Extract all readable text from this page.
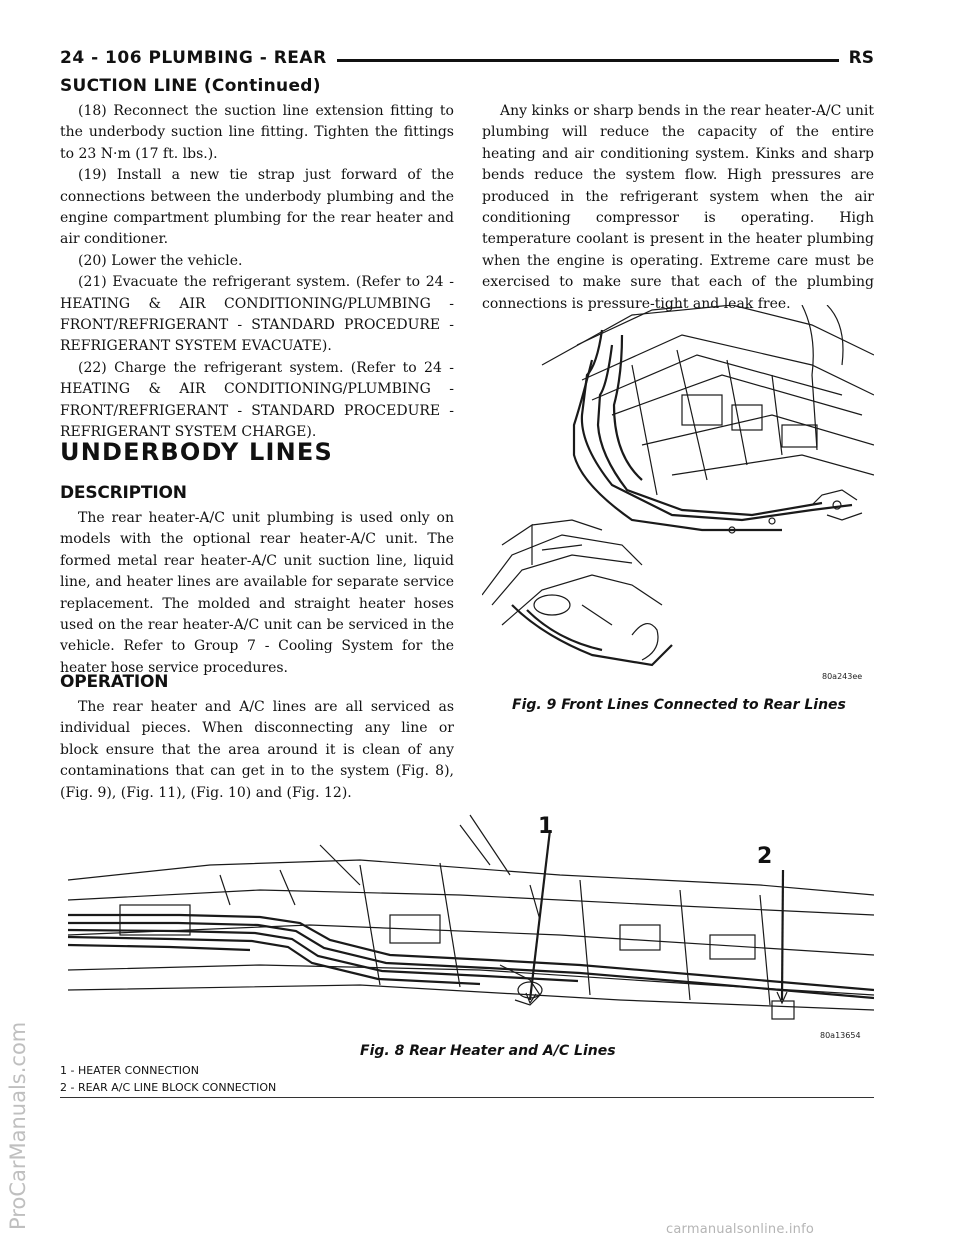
24 - 106 PLUMBING - REAR	RS
SUCTION LINE (Continued)

(18) Reconnect the suction line extension fitting to the underbody suction line fitting. Tighten the fittings to 23 N·m (17 ft. lbs.).

(19) Install a new tie strap just forward of the connections between the underbody plumbing and the engine compartment plumbing for the rear heater and air conditioner.

(20) Lower the vehicle.

(21) Evacuate the refrigerant system. (Refer to 24 - HEATING & AIR CONDITIONING/PLUMBING - FRONT/REFRIGERANT - STANDARD PROCEDURE - REFRIGERANT SYSTEM EVACUATE).

(22) Charge the refrigerant system. (Refer to 24 - HEATING & AIR CONDITIONING/PLUMBING - FRONT/REFRIGERANT - STANDARD PROCEDURE - REFRIGERANT SYSTEM CHARGE).

UNDERBODY LINES
DESCRIPTION

The rear heater-A/C unit plumbing is used only on models with the optional rear heater-A/C unit. The formed metal rear heater-A/C unit suction line, liquid line, and heater lines are available for separate service replacement. The molded and straight heater hoses used on the rear heater-A/C unit can be serviced in the vehicle. Refer to Group 7 - Cooling System for the heater hose service procedures.

OPERATION

The rear heater and A/C lines are all serviced as individual pieces. When disconnecting any line or block ensure that the area around it is clean of any contaminations that can get in to the system (Fig. 8), (Fig. 9), (Fig. 11), (Fig. 10) and (Fig. 12).

Any kinks or sharp bends in the rear heater-A/C unit plumbing will reduce the capacity of the entire heating and air conditioning system. Kinks and sharp bends reduce the system flow. High pressures are produced in the refrigerant system when the air conditioning compressor is operating. High temperature coolant is present in the heater plumbing when the engine is operating. Extreme care must be exercised to make sure that each of the plumbing connections is pressure-tight and leak free.

80a243ee
Fig. 9 Front Lines Connected to Rear Lines
1
2
80a13654
Fig. 8 Rear Heater and A/C Lines
1 - HEATER CONNECTION
2 - REAR A/C LINE BLOCK CONNECTION
ProCarManuals.com	carmanualsonline.info
